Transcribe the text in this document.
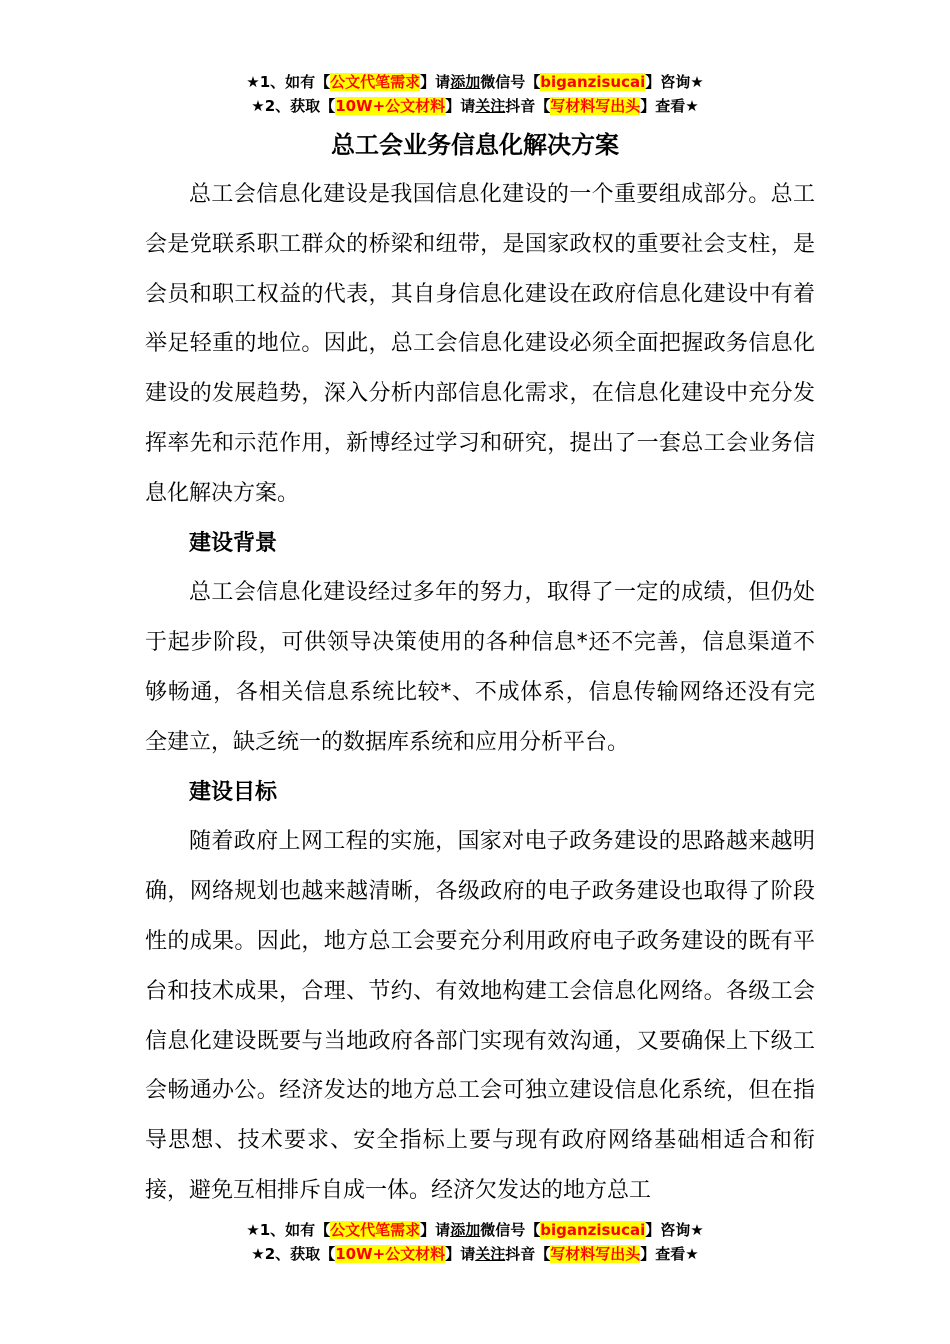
★1、如有【公文代笔需求】请添加微信号【biganzisucai】咨询★
★2、获取【10W+公文材料】请关注抖音【写材料写出头】查看★
总工会业务信息化解决方案

总工会信息化建设是我国信息化建设的一个重要组成部分。总工会是党联系职工群众的桥梁和纽带，是国家政权的重要社会支柱，是会员和职工权益的代表，其自身信息化建设在政府信息化建设中有着举足轻重的地位。因此，总工会信息化建设必须全面把握政务信息化建设的发展趋势，深入分析内部信息化需求，在信息化建设中充分发挥率先和示范作用，新博经过学习和研究，提出了一套总工会业务信息化解决方案。

建设背景

总工会信息化建设经过多年的努力，取得了一定的成绩，但仍处于起步阶段，可供领导决策使用的各种信息*还不完善，信息渠道不够畅通，各相关信息系统比较*、不成体系，信息传输网络还没有完全建立，缺乏统一的数据库系统和应用分析平台。

建设目标

随着政府上网工程的实施，国家对电子政务建设的思路越来越明确，网络规划也越来越清晰，各级政府的电子政务建设也取得了阶段性的成果。因此，地方总工会要充分利用政府电子政务建设的既有平台和技术成果，合理、节约、有效地构建工会信息化网络。各级工会信息化建设既要与当地政府各部门实现有效沟通，又要确保上下级工会畅通办公。经济发达的地方总工会可独立建设信息化系统，但在指导思想、技术要求、安全指标上要与现有政府网络基础相适合和衔接，避免互相排斥自成一体。经济欠发达的地方总工

★1、如有【公文代笔需求】请添加微信号【biganzisucai】咨询★
★2、获取【10W+公文材料】请关注抖音【写材料写出头】查看★
